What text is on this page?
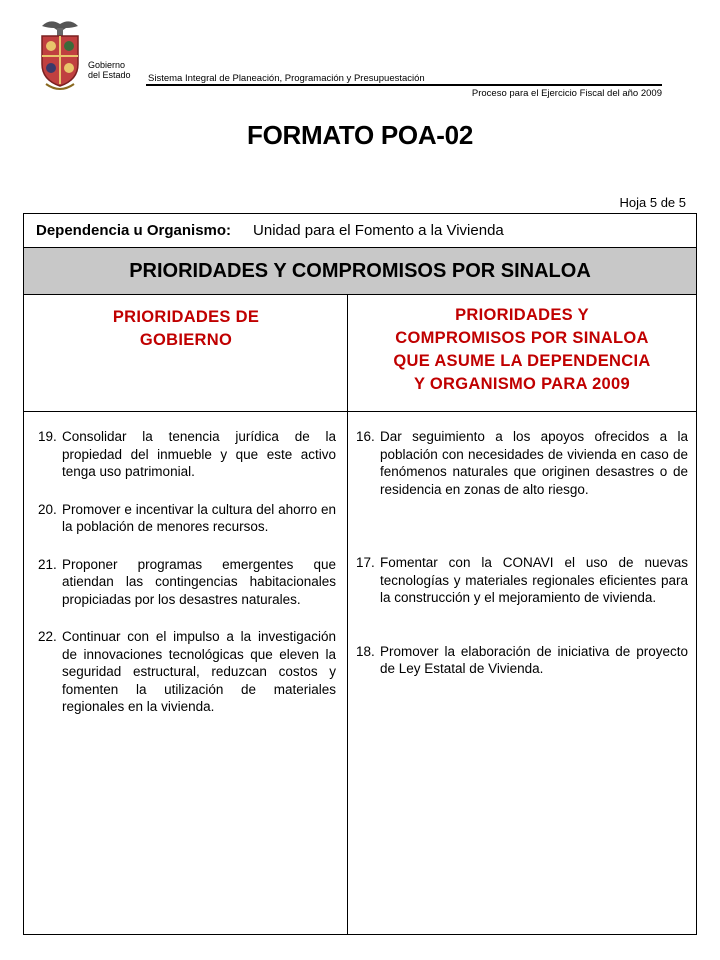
Gobierno
del Estado Sistema Integral de Planeación, Programación y Presupuestación
Proceso para el Ejercicio Fiscal del año 2009
FORMATO POA-02
Hoja 5 de 5
Dependencia u Organismo: Unidad para el Fomento a la Vivienda
PRIORIDADES Y COMPROMISOS POR SINALOA
PRIORIDADES DE
GOBIERNO
PRIORIDADES Y
COMPROMISOS POR SINALOA
QUE ASUME LA DEPENDENCIA
Y ORGANISMO PARA 2009
19. Consolidar la tenencia jurídica de la propiedad del inmueble y que este activo tenga uso patrimonial.
20. Promover e incentivar la cultura del ahorro en la población de menores recursos.
21. Proponer programas emergentes que atiendan las contingencias habitacionales propiciadas por los desastres naturales.
22. Continuar con el impulso a la investigación de innovaciones tecnológicas que eleven la seguridad estructural, reduzcan costos y fomenten la utilización de materiales regionales en la vivienda.
16. Dar seguimiento a los apoyos ofrecidos a la población con necesidades de vivienda en caso de fenómenos naturales que originen desastres o de residencia en zonas de alto riesgo.
17. Fomentar con la CONAVI el uso de nuevas tecnologías y materiales regionales eficientes para la construcción y el mejoramiento de vivienda.
18. Promover la elaboración de iniciativa de proyecto de Ley Estatal de Vivienda.
